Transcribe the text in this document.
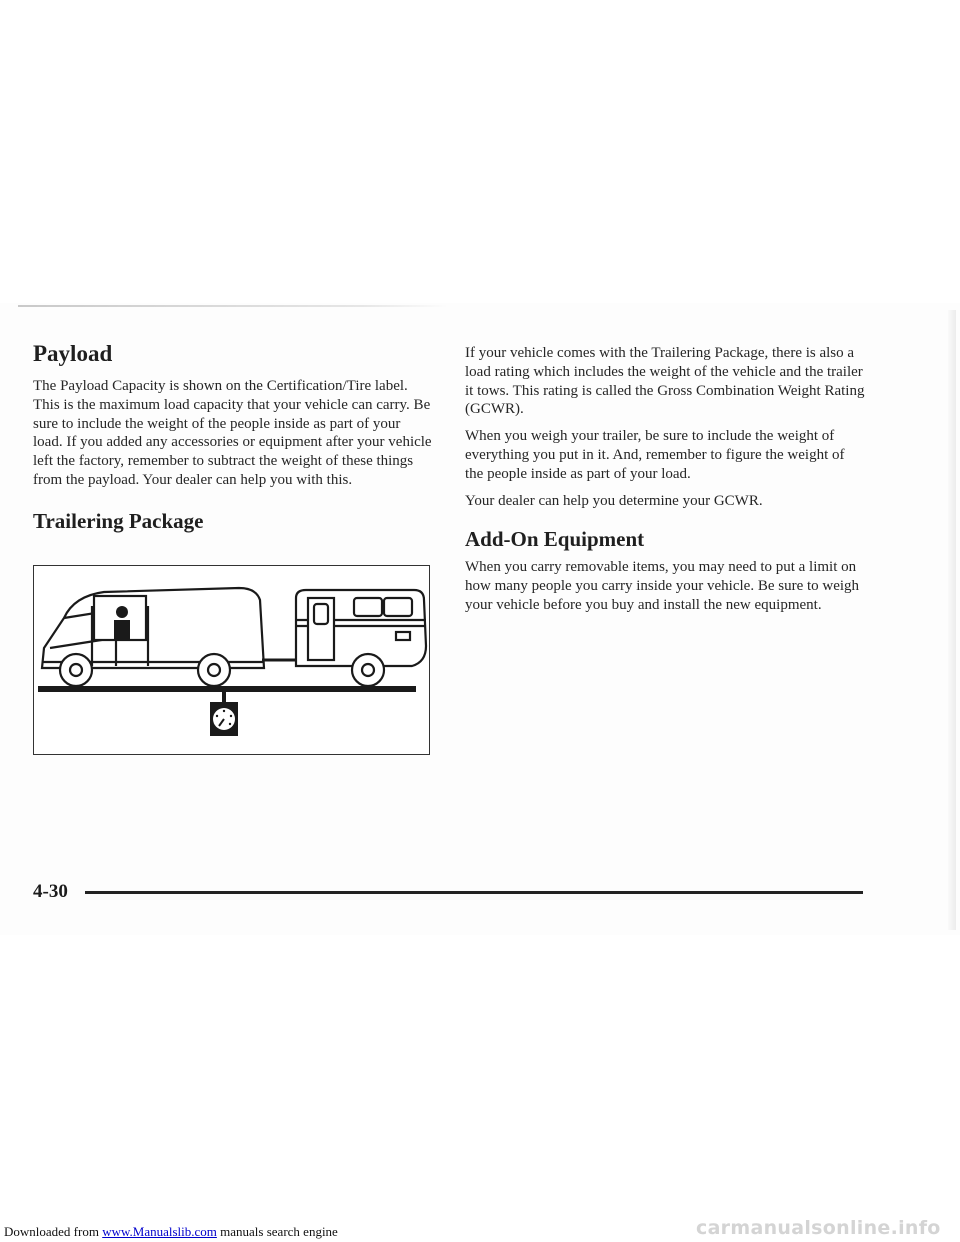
Payload

The Payload Capacity is shown on the Certification/Tire label. This is the maximum load capacity that your vehicle can carry. Be sure to include the weight of the people inside as part of your load. If you added any accessories or equipment after your vehicle left the factory, remember to subtract the weight of these things from the payload. Your dealer can help you with this.

Trailering Package

If your vehicle comes with the Trailering Package, there is also a load rating which includes the weight of the vehicle and the trailer it tows. This rating is called the Gross Combination Weight Rating (GCWR).

When you weigh your trailer, be sure to include the weight of everything you put in it. And, remember to figure the weight of the people inside as part of your load.

Your dealer can help you determine your GCWR.

Add-On Equipment

When you carry removable items, you may need to put a limit on how many people you carry inside your vehicle. Be sure to weigh your vehicle before you buy and install the new equipment.

4-30
Downloaded from www.Manualslib.com manuals search engine	carmanualsonline.info
